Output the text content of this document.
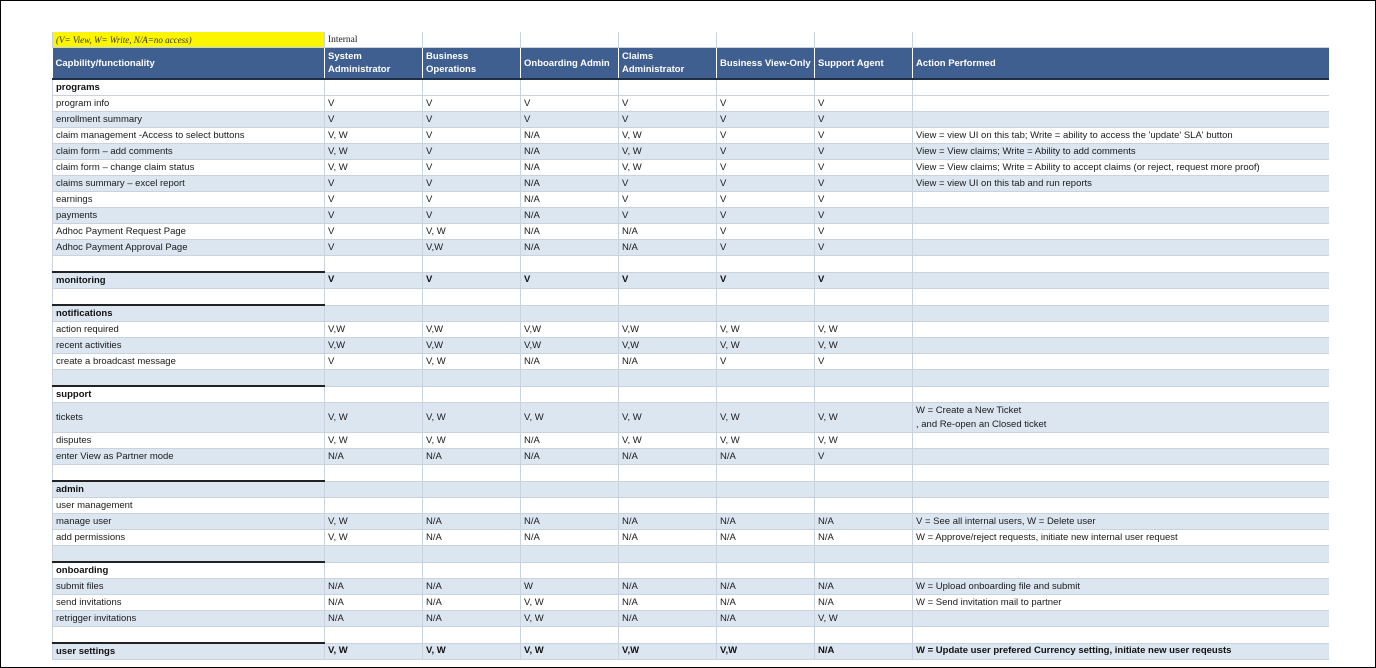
(V= View, W= Write, N/A=no access)	Internal						
Capbility/functionality	System Administrator	Business Operations	Onboarding Admin	Claims Administrator	Business View-Only	Support Agent	Action Performed
programs							
program info	V	V	V	V	V	V	
enrollment summary	V	V	V	V	V	V	
claim management -Access to select buttons	V, W	V	N/A	V, W	V	V	View = view UI on this tab; Write = ability to access the 'update' SLA' button
claim form – add comments	V, W	V	N/A	V, W	V	V	View = View claims; Write = Ability to add comments
claim form – change claim status	V, W	V	N/A	V, W	V	V	View = View claims; Write = Ability to accept claims (or reject, request more proof)
claims summary – excel report	V	V	N/A	V	V	V	View = view UI on this tab and run reports
earnings	V	V	N/A	V	V	V	
payments	V	V	N/A	V	V	V	
Adhoc Payment Request Page	V	V, W	N/A	N/A	V	V	
Adhoc Payment Approval Page	V	V,W	N/A	N/A	V	V	

monitoring	V	V	V	V	V	V	

notifications							
action required	V,W	V,W	V,W	V,W	V, W	V, W	
recent activities	V,W	V,W	V,W	V,W	V, W	V, W	
create a broadcast message	V	V, W	N/A	N/A	V	V	

support							
tickets	V, W	V, W	V, W	V, W	V, W	V, W	W = Create a New Ticket
, and Re-open an Closed ticket

disputes	V, W	V, W	N/A	V, W	V, W	V, W	
enter View as Partner mode	N/A	N/A	N/A	N/A	N/A	V	

admin							
user management							
manage user	V, W	N/A	N/A	N/A	N/A	N/A	V = See all internal users, W = Delete user
add permissions	V, W	N/A	N/A	N/A	N/A	N/A	W = Approve/reject requests, initiate new internal user request

onboarding							
submit files	N/A	N/A	W	N/A	N/A	N/A	W = Upload onboarding file and submit
send invitations	N/A	N/A	V, W	N/A	N/A	N/A	W = Send invitation mail to partner
retrigger invitations	N/A	N/A	V, W	N/A	N/A	V, W	

user settings	V, W	V, W	V, W	V,W	V,W	N/A	W = Update user prefered Currency setting, initiate new user reqeusts
